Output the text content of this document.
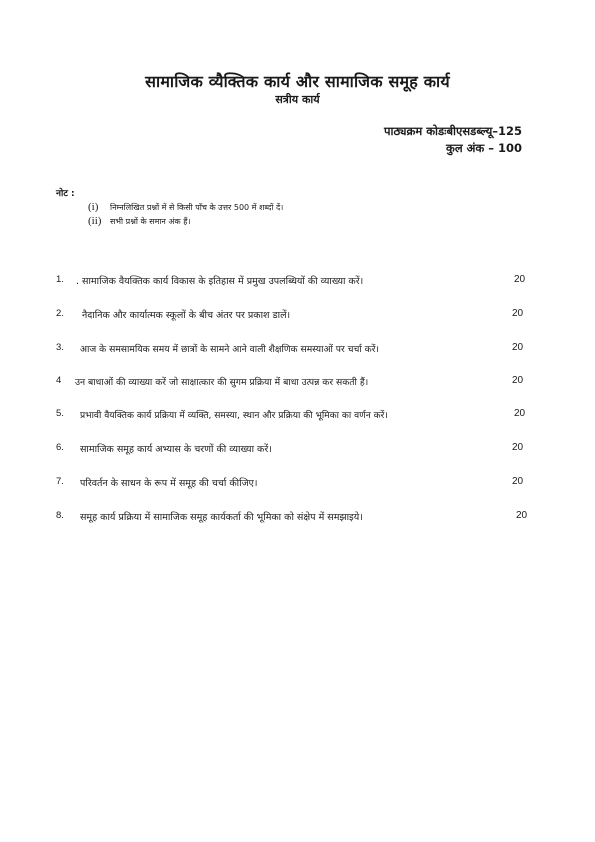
सामाजिक व्यैक्तिक कार्य और सामाजिक समूह कार्य
सत्रीय कार्य
पाठ्यक्रम कोडःबीएसडब्ल्यू–125
कुल अंक – 100
नोट :
(i)	निम्नलिखित प्रश्नों में से किसी पाँच के उत्तर 500 में शब्दों दें।
(ii)	सभी प्रश्नों के समान अंक हैं।
1. . सामाजिक वैयक्तिक कार्य विकास के इतिहास में प्रमुख उपलब्धियों की व्याख्या करें।	20
2. नैदानिक और कार्यात्मक स्कूलों के बीच अंतर पर प्रकाश डालें।	20
3. आज के समसामयिक समय में छात्रों के सामने आने वाली शैक्षणिक समस्याओं पर चर्चा करें।	20
4 उन बाधाओं की व्याख्या करें जो साक्षात्कार की सुगम प्रक्रिया में बाधा उत्पन्न कर सकती हैं।	20
5. प्रभावी वैयक्तिक कार्य प्रक्रिया में व्यक्ति, समस्या, स्थान और प्रक्रिया की भूमिका का वर्णन करें।	20
6. सामाजिक समूह कार्य अभ्यास के चरणों की व्याख्या करें।	20
7. परिवर्तन के साधन के रूप में समूह की चर्चा कीजिए।	20
8. समूह कार्य प्रक्रिया में सामाजिक समूह कार्यकर्ता की भूमिका को संक्षेप में समझाइये।	20
